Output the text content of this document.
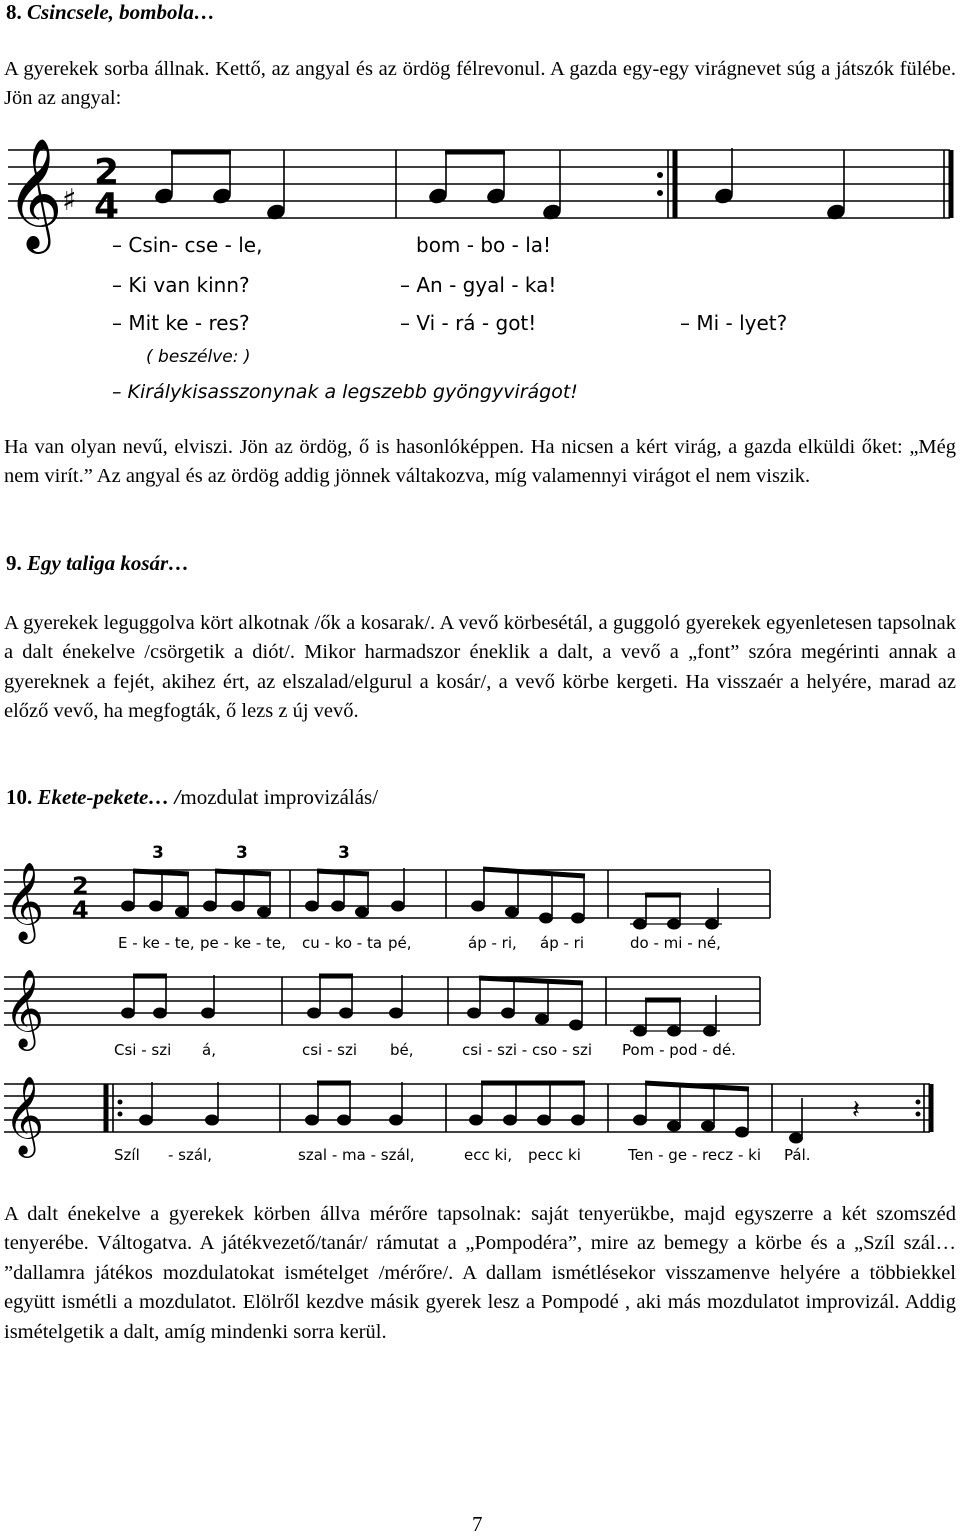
8. Csincsele, bombola…

A gyerekek sorba állnak. Kettő, az angyal és az ördög félrevonul. A gazda egy-egy virágnevet súg a játszók fülébe. Jön az angyal:

𝄞 ♯
2
4
– Csin- cse - le,	bom - bo - la!
– Ki van kinn?	– An - gyal - ka!
– Mit ke - res?	– Vi - rá - got!	– Mi - lyet?
( beszélve: )
– Királykisasszonynak a legszebb gyöngyvirágot!

Ha van olyan nevű, elviszi. Jön az ördög, ő is hasonlóképpen. Ha nicsen a kért virág, a gazda elküldi őket: „Még nem virít.” Az angyal és az ördög addig jönnek váltakozva, míg valamennyi virágot el nem viszik.

9. Egy taliga kosár…

A gyerekek leguggolva kört alkotnak /ők a kosarak/. A vevő körbesétál, a guggoló gyerekek egyenletesen tapsolnak a dalt énekelve /csörgetik a diót/. Mikor harmadszor éneklik a dalt, a vevő a „font” szóra megérinti annak a gyereknek a fejét, akihez ért, az elszalad/elgurul a kosár/, a vevő körbe kergeti. Ha visszaér a helyére, marad az előző vevő, ha megfogták, ő lezs z új vevő.

10. Ekete-pekete… /mozdulat improvizálás/
𝄞 2
4
3	3	3
E - ke - te, pe - ke - te, cu - ko - ta pé,	áp - ri, áp - ri	do - mi - né,
𝄞
Csi - szi á,	csi - szi bé,	csi - szi - cso - szi Pom - pod - dé.
𝄞	𝄽
Szíl - szál,	szal - ma - szál,	ecc ki, pecc ki	Ten - ge - recz - ki Pál.

A dalt énekelve a gyerekek körben állva mérőre tapsolnak: saját tenyerükbe, majd egyszerre a két szomszéd tenyerébe. Váltogatva. A játékvezető/tanár/ rámutat a „Pompodéra”, mire az bemegy a körbe és a „Szíl szál… ”dallamra játékos mozdulatokat ismételget /mérőre/. A dallam ismétlésekor visszamenve helyére a többiekkel együtt ismétli a mozdulatot. Elölről kezdve másik gyerek lesz a Pompodé , aki más mozdulatot improvizál. Addig ismételgetik a dalt, amíg mindenki sorra kerül.

7
